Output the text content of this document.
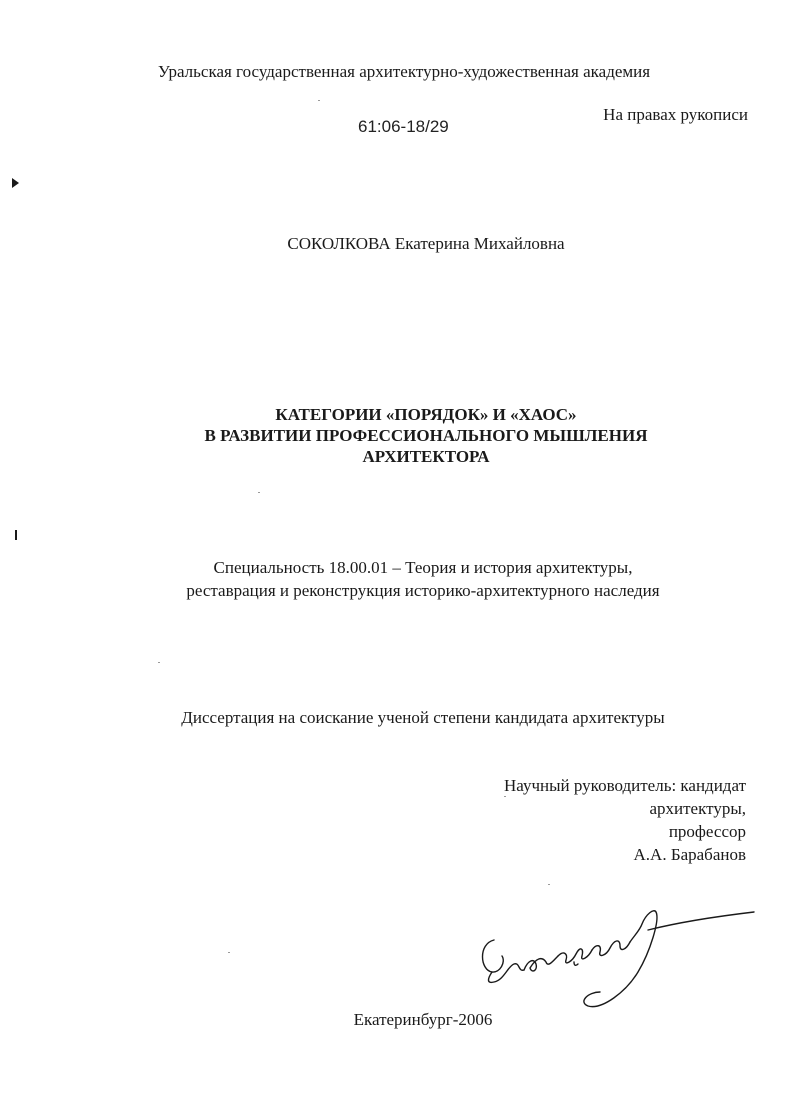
Уральская государственная архитектурно-художественная академия
61:06-18/29
На правах рукописи
СОКОЛКОВА Екатерина Михайловна
КАТЕГОРИИ «ПОРЯДОК» И «ХАОС»
В РАЗВИТИИ ПРОФЕССИОНАЛЬНОГО МЫШЛЕНИЯ
АРХИТЕКТОРА
Специальность 18.00.01 – Теория и история архитектуры,
реставрация и реконструкция историко-архитектурного наследия
Диссертация на соискание ученой степени кандидата архитектуры
Научный руководитель: кандидат
архитектуры,
профессор
А.А. Барабанов
Екатеринбург-2006
